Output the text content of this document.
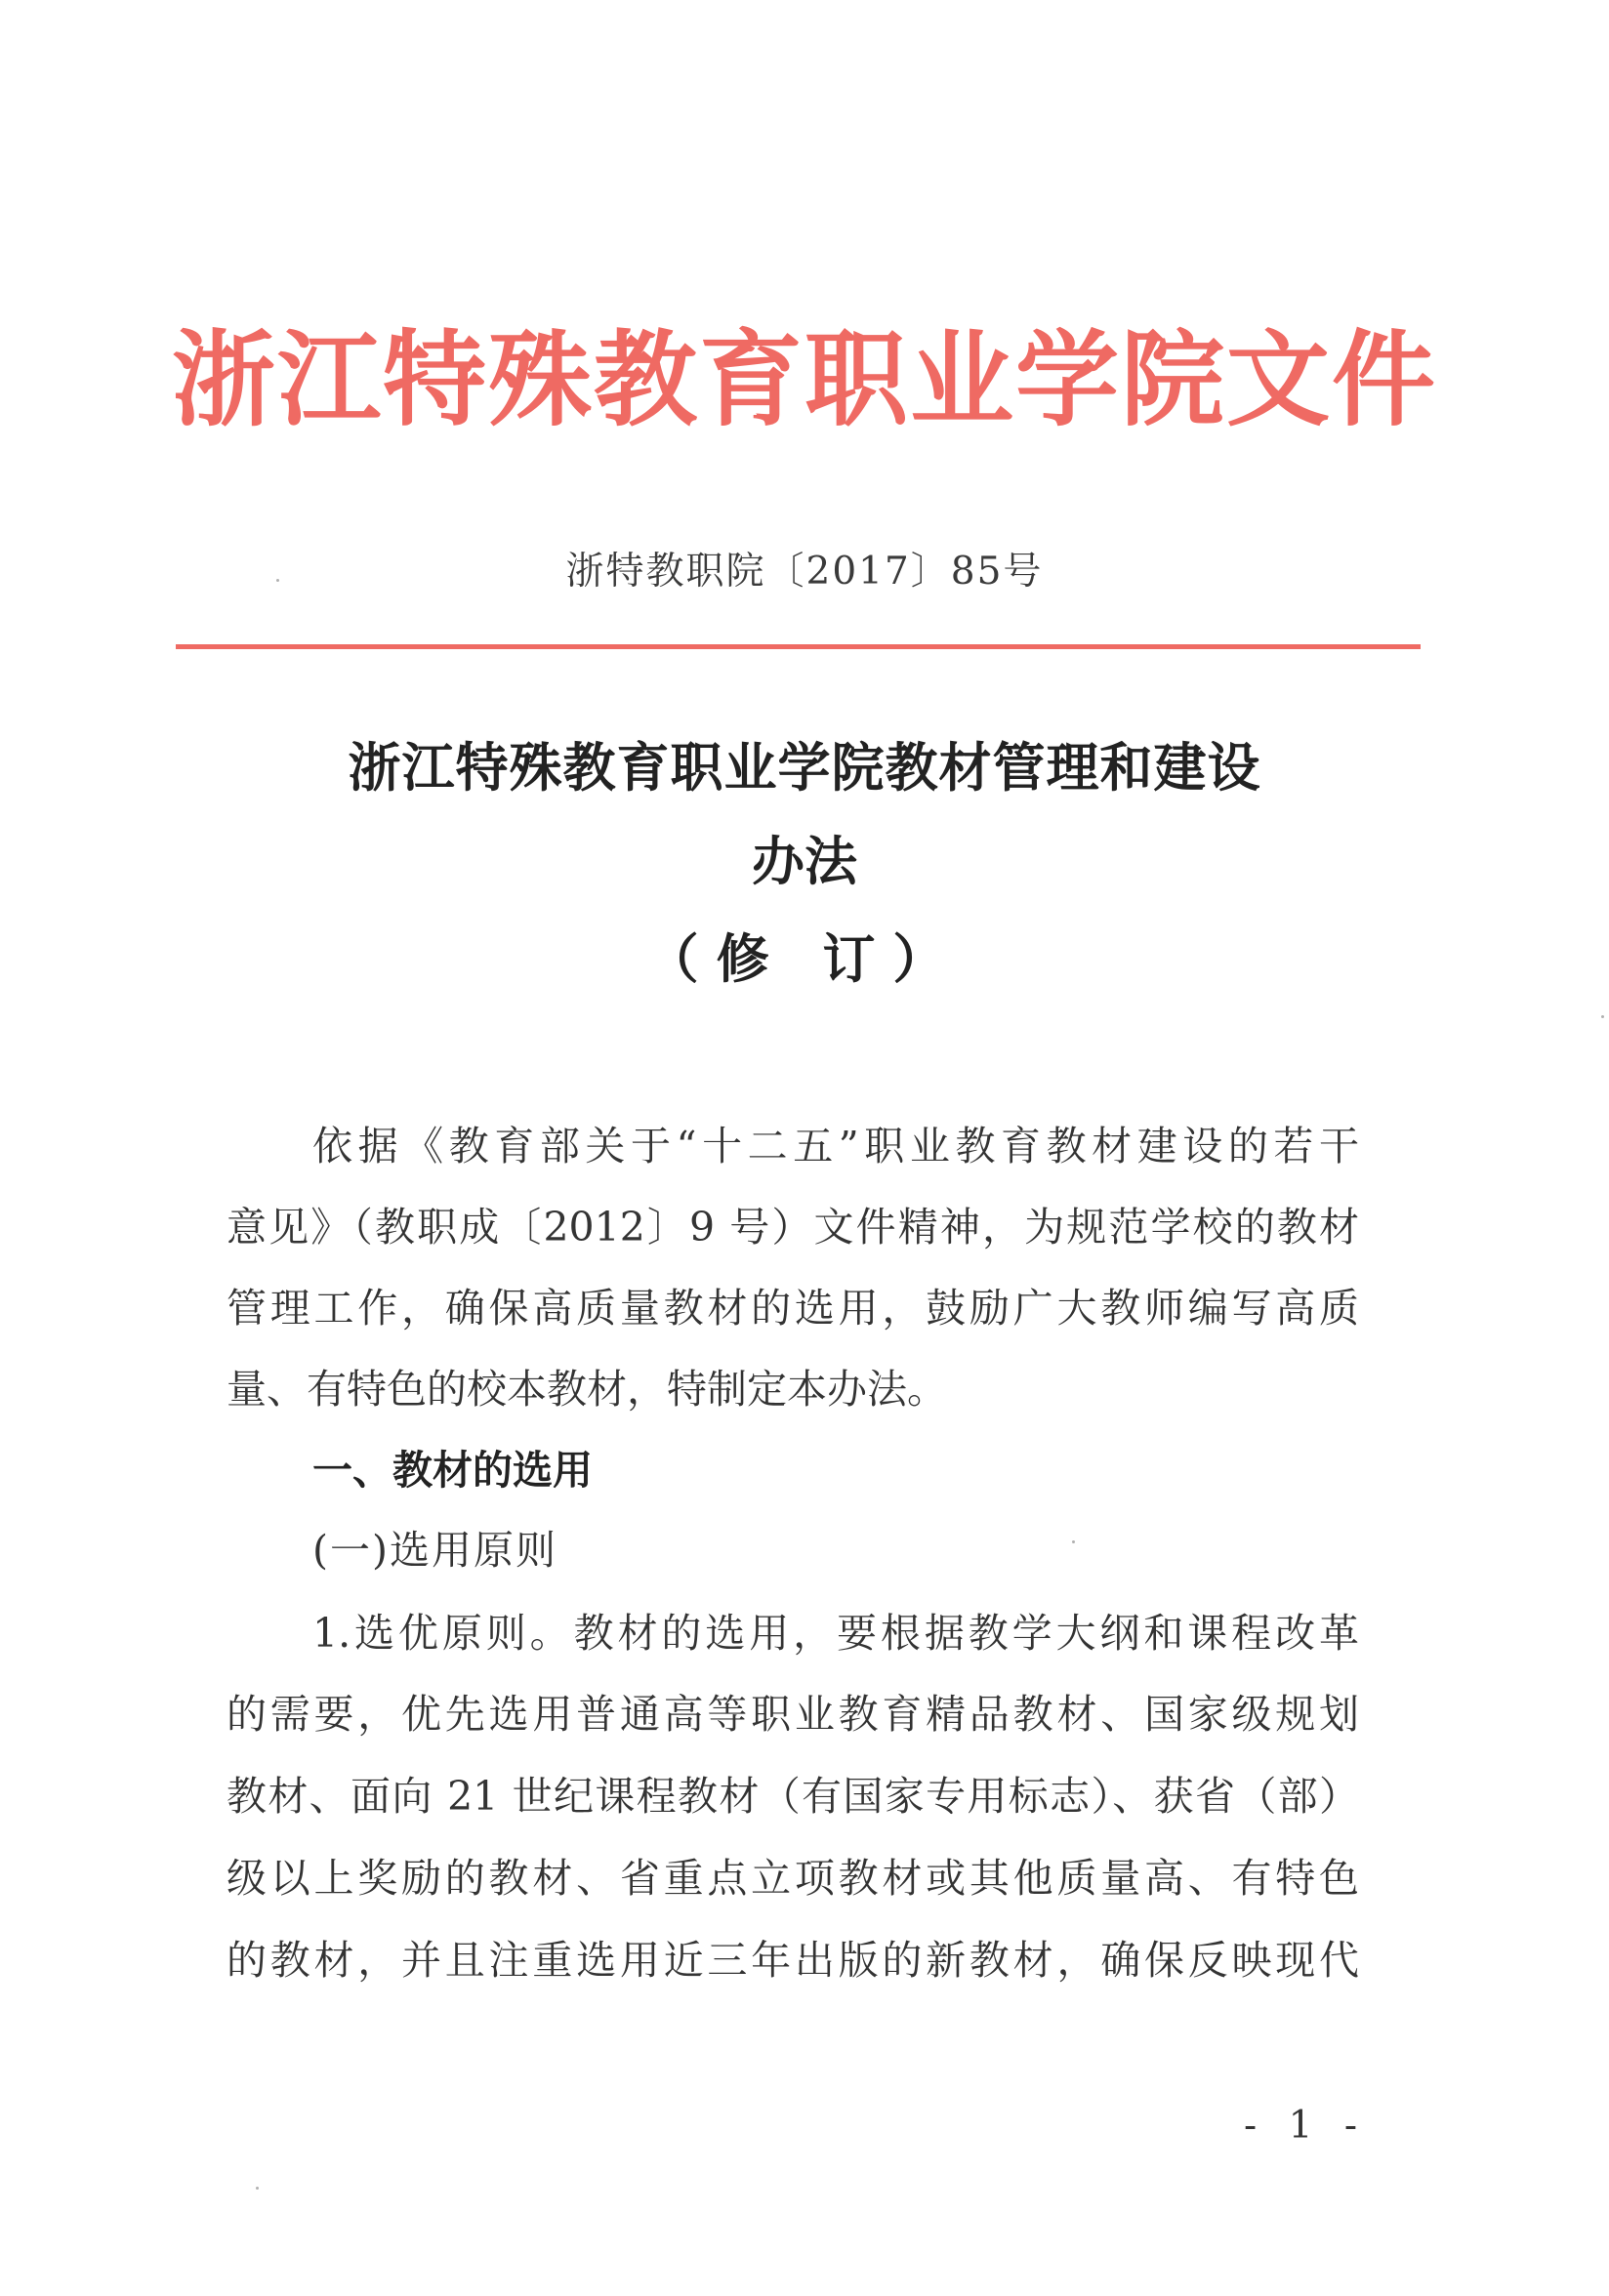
浙江特殊教育职业学院文件
浙特教职院〔2017〕85号
浙江特殊教育职业学院教材管理和建设
办法
（修 订）
依据《教育部关于“十二五”职业教育教材建设的若干
意见》（教职成〔2012〕9 号）文件精神，为规范学校的教材
管理工作，确保高质量教材的选用，鼓励广大教师编写高质
量、有特色的校本教材，特制定本办法。
一、教材的选用
(一)选用原则
1.选优原则。教材的选用，要根据教学大纲和课程改革
的需要，优先选用普通高等职业教育精品教材、国家级规划
教材、面向 21 世纪课程教材（有国家专用标志）、获省（部）
级以上奖励的教材、省重点立项教材或其他质量高、有特色
的教材，并且注重选用近三年出版的新教材，确保反映现代
- 1 -
